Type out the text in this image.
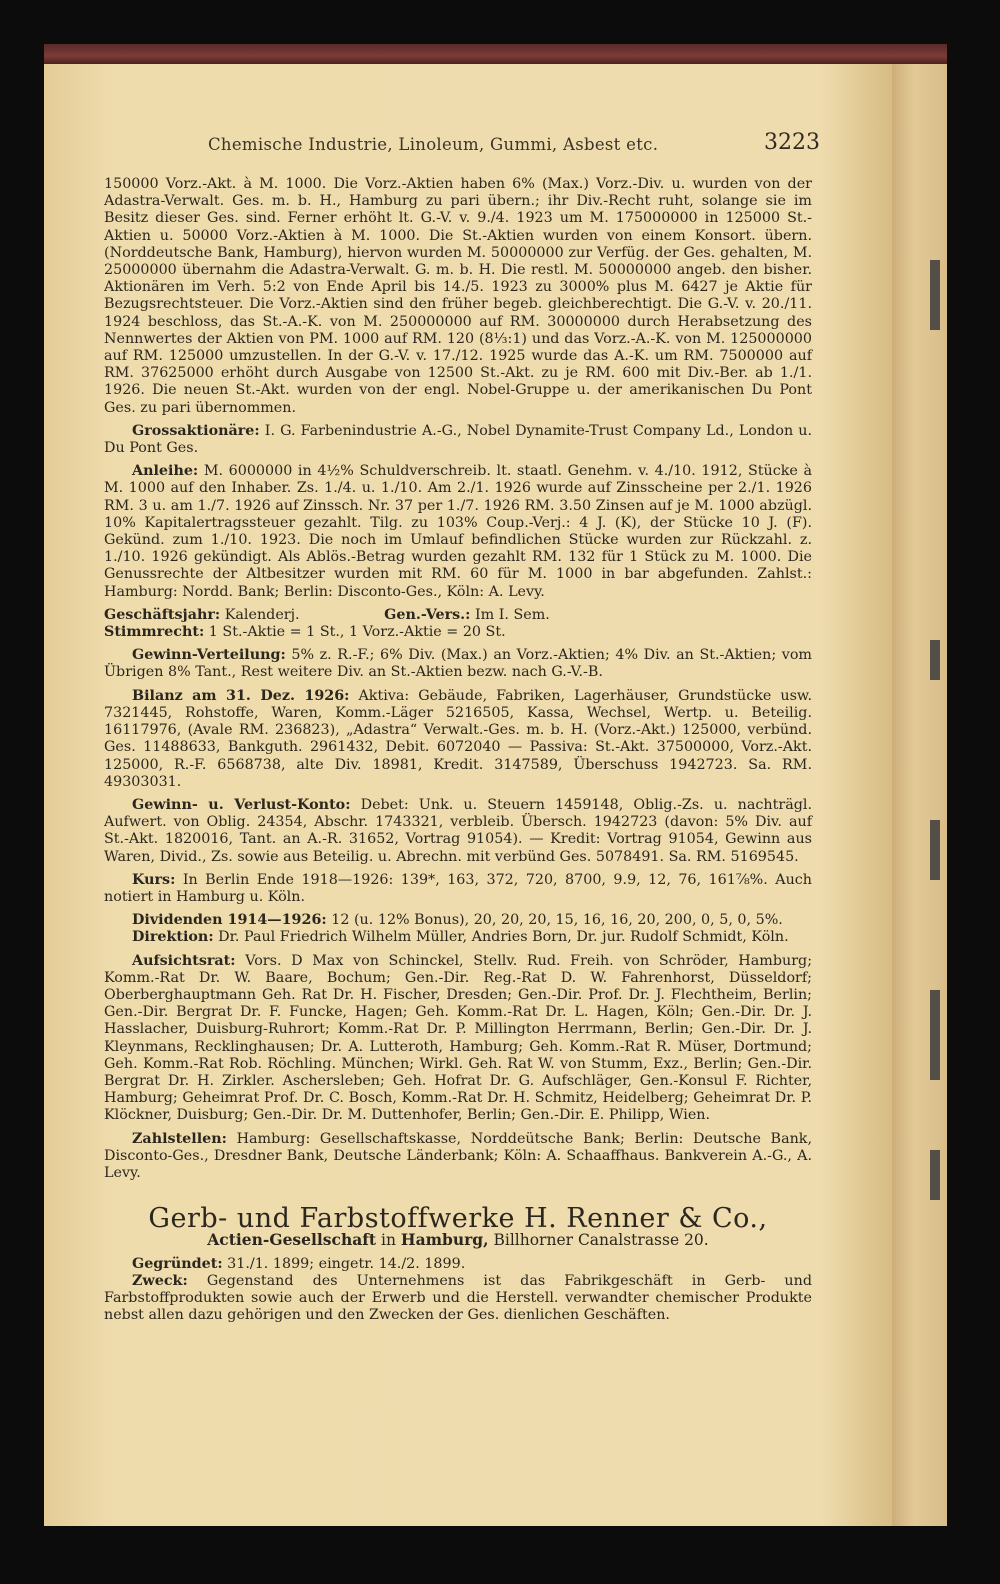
Chemische Industrie, Linoleum, Gummi, Asbest etc.	3223

150000 Vorz.-Akt. à M. 1000. Die Vorz.-Aktien haben 6% (Max.) Vorz.-Div. u. wurden von der Adastra-Verwalt. Ges. m. b. H., Hamburg zu pari übern.; ihr Div.-Recht ruht, solange sie im Besitz dieser Ges. sind. Ferner erhöht lt. G.-V. v. 9./4. 1923 um M. 175000000 in 125000 St.-Aktien u. 50000 Vorz.-Aktien à M. 1000. Die St.-Aktien wurden von einem Konsort. übern. (Norddeutsche Bank, Hamburg), hiervon wurden M. 50000000 zur Verfüg. der Ges. gehalten, M. 25000000 übernahm die Adastra-Verwalt. G. m. b. H. Die restl. M. 50000000 angeb. den bisher. Aktionären im Verh. 5:2 von Ende April bis 14./5. 1923 zu 3000% plus M. 6427 je Aktie für Bezugsrechtsteuer. Die Vorz.-Aktien sind den früher begeb. gleichberechtigt. Die G.-V. v. 20./11. 1924 beschloss, das St.-A.-K. von M. 250000000 auf RM. 30000000 durch Herabsetzung des Nennwertes der Aktien von PM. 1000 auf RM. 120 (8⅓:1) und das Vorz.-A.-K. von M. 125000000 auf RM. 125000 umzustellen. In der G.-V. v. 17./12. 1925 wurde das A.-K. um RM. 7500000 auf RM. 37625000 erhöht durch Ausgabe von 12500 St.-Akt. zu je RM. 600 mit Div.-Ber. ab 1./1. 1926. Die neuen St.-Akt. wurden von der engl. Nobel-Gruppe u. der amerikanischen Du Pont Ges. zu pari übernommen.

Grossaktionäre: I. G. Farbenindustrie A.-G., Nobel Dynamite-Trust Company Ld., London u. Du Pont Ges.

Anleihe: M. 6000000 in 4½% Schuldverschreib. lt. staatl. Genehm. v. 4./10. 1912, Stücke à M. 1000 auf den Inhaber. Zs. 1./4. u. 1./10. Am 2./1. 1926 wurde auf Zinsscheine per 2./1. 1926 RM. 3 u. am 1./7. 1926 auf Zinssch. Nr. 37 per 1./7. 1926 RM. 3.50 Zinsen auf je M. 1000 abzügl. 10% Kapitalertragssteuer gezahlt. Tilg. zu 103% Coup.-Verj.: 4 J. (K), der Stücke 10 J. (F). Gekünd. zum 1./10. 1923. Die noch im Umlauf befindlichen Stücke wurden zur Rückzahl. z. 1./10. 1926 gekündigt. Als Ablös.-Betrag wurden gezahlt RM. 132 für 1 Stück zu M. 1000. Die Genussrechte der Altbesitzer wurden mit RM. 60 für M. 1000 in bar abgefunden. Zahlst.: Hamburg: Nordd. Bank; Berlin: Disconto-Ges., Köln: A. Levy.

Geschäftsjahr: Kalenderj.	Gen.-Vers.: Im I. Sem.

Stimmrecht: 1 St.-Aktie = 1 St., 1 Vorz.-Aktie = 20 St.

Gewinn-Verteilung: 5% z. R.-F.; 6% Div. (Max.) an Vorz.-Aktien; 4% Div. an St.-Aktien; vom Übrigen 8% Tant., Rest weitere Div. an St.-Aktien bezw. nach G.-V.-B.

Bilanz am 31. Dez. 1926: Aktiva: Gebäude, Fabriken, Lagerhäuser, Grundstücke usw. 7321445, Rohstoffe, Waren, Komm.-Läger 5216505, Kassa, Wechsel, Wertp. u. Beteilig. 16117976, (Avale RM. 236823), „Adastra“ Verwalt.-Ges. m. b. H. (Vorz.-Akt.) 125000, verbünd. Ges. 11488633, Bankguth. 2961432, Debit. 6072040 — Passiva: St.-Akt. 37500000, Vorz.-Akt. 125000, R.-F. 6568738, alte Div. 18981, Kredit. 3147589, Überschuss 1942723. Sa. RM. 49303031.

Gewinn- u. Verlust-Konto: Debet: Unk. u. Steuern 1459148, Oblig.-Zs. u. nachträgl. Aufwert. von Oblig. 24354, Abschr. 1743321, verbleib. Übersch. 1942723 (davon: 5% Div. auf St.-Akt. 1820016, Tant. an A.-R. 31652, Vortrag 91054). — Kredit: Vortrag 91054, Gewinn aus Waren, Divid., Zs. sowie aus Beteilig. u. Abrechn. mit verbünd Ges. 5078491. Sa. RM. 5169545.

Kurs: In Berlin Ende 1918—1926: 139*, 163, 372, 720, 8700, 9.9, 12, 76, 161⅞%. Auch notiert in Hamburg u. Köln.

Dividenden 1914—1926: 12 (u. 12% Bonus), 20, 20, 20, 15, 16, 16, 20, 200, 0, 5, 0, 5%.

Direktion: Dr. Paul Friedrich Wilhelm Müller, Andries Born, Dr. jur. Rudolf Schmidt, Köln.

Aufsichtsrat: Vors. D Max von Schinckel, Stellv. Rud. Freih. von Schröder, Hamburg; Komm.-Rat Dr. W. Baare, Bochum; Gen.-Dir. Reg.-Rat D. W. Fahrenhorst, Düsseldorf; Oberberghauptmann Geh. Rat Dr. H. Fischer, Dresden; Gen.-Dir. Prof. Dr. J. Flechtheim, Berlin; Gen.-Dir. Bergrat Dr. F. Funcke, Hagen; Geh. Komm.-Rat Dr. L. Hagen, Köln; Gen.-Dir. Dr. J. Hasslacher, Duisburg-Ruhrort; Komm.-Rat Dr. P. Millington Herrmann, Berlin; Gen.-Dir. Dr. J. Kleynmans, Recklinghausen; Dr. A. Lutteroth, Hamburg; Geh. Komm.-Rat R. Müser, Dortmund; Geh. Komm.-Rat Rob. Röchling. München; Wirkl. Geh. Rat W. von Stumm, Exz., Berlin; Gen.-Dir. Bergrat Dr. H. Zirkler. Aschersleben; Geh. Hofrat Dr. G. Aufschläger, Gen.-Konsul F. Richter, Hamburg; Geheimrat Prof. Dr. C. Bosch, Komm.-Rat Dr. H. Schmitz, Heidelberg; Geheimrat Dr. P. Klöckner, Duisburg; Gen.-Dir. Dr. M. Duttenhofer, Berlin; Gen.-Dir. E. Philipp, Wien.

Zahlstellen: Hamburg: Gesellschaftskasse, Norddeütsche Bank; Berlin: Deutsche Bank, Disconto-Ges., Dresdner Bank, Deutsche Länderbank; Köln: A. Schaaffhaus. Bankverein A.-G., A. Levy.

Gerb- und Farbstoffwerke H. Renner & Co.,
Actien-Gesellschaft in Hamburg, Billhorner Canalstrasse 20.

Gegründet: 31./1. 1899; eingetr. 14./2. 1899.

Zweck: Gegenstand des Unternehmens ist das Fabrikgeschäft in Gerb- und Farbstoffprodukten sowie auch der Erwerb und die Herstell. verwandter chemischer Produkte nebst allen dazu gehörigen und den Zwecken der Ges. dienlichen Geschäften.
